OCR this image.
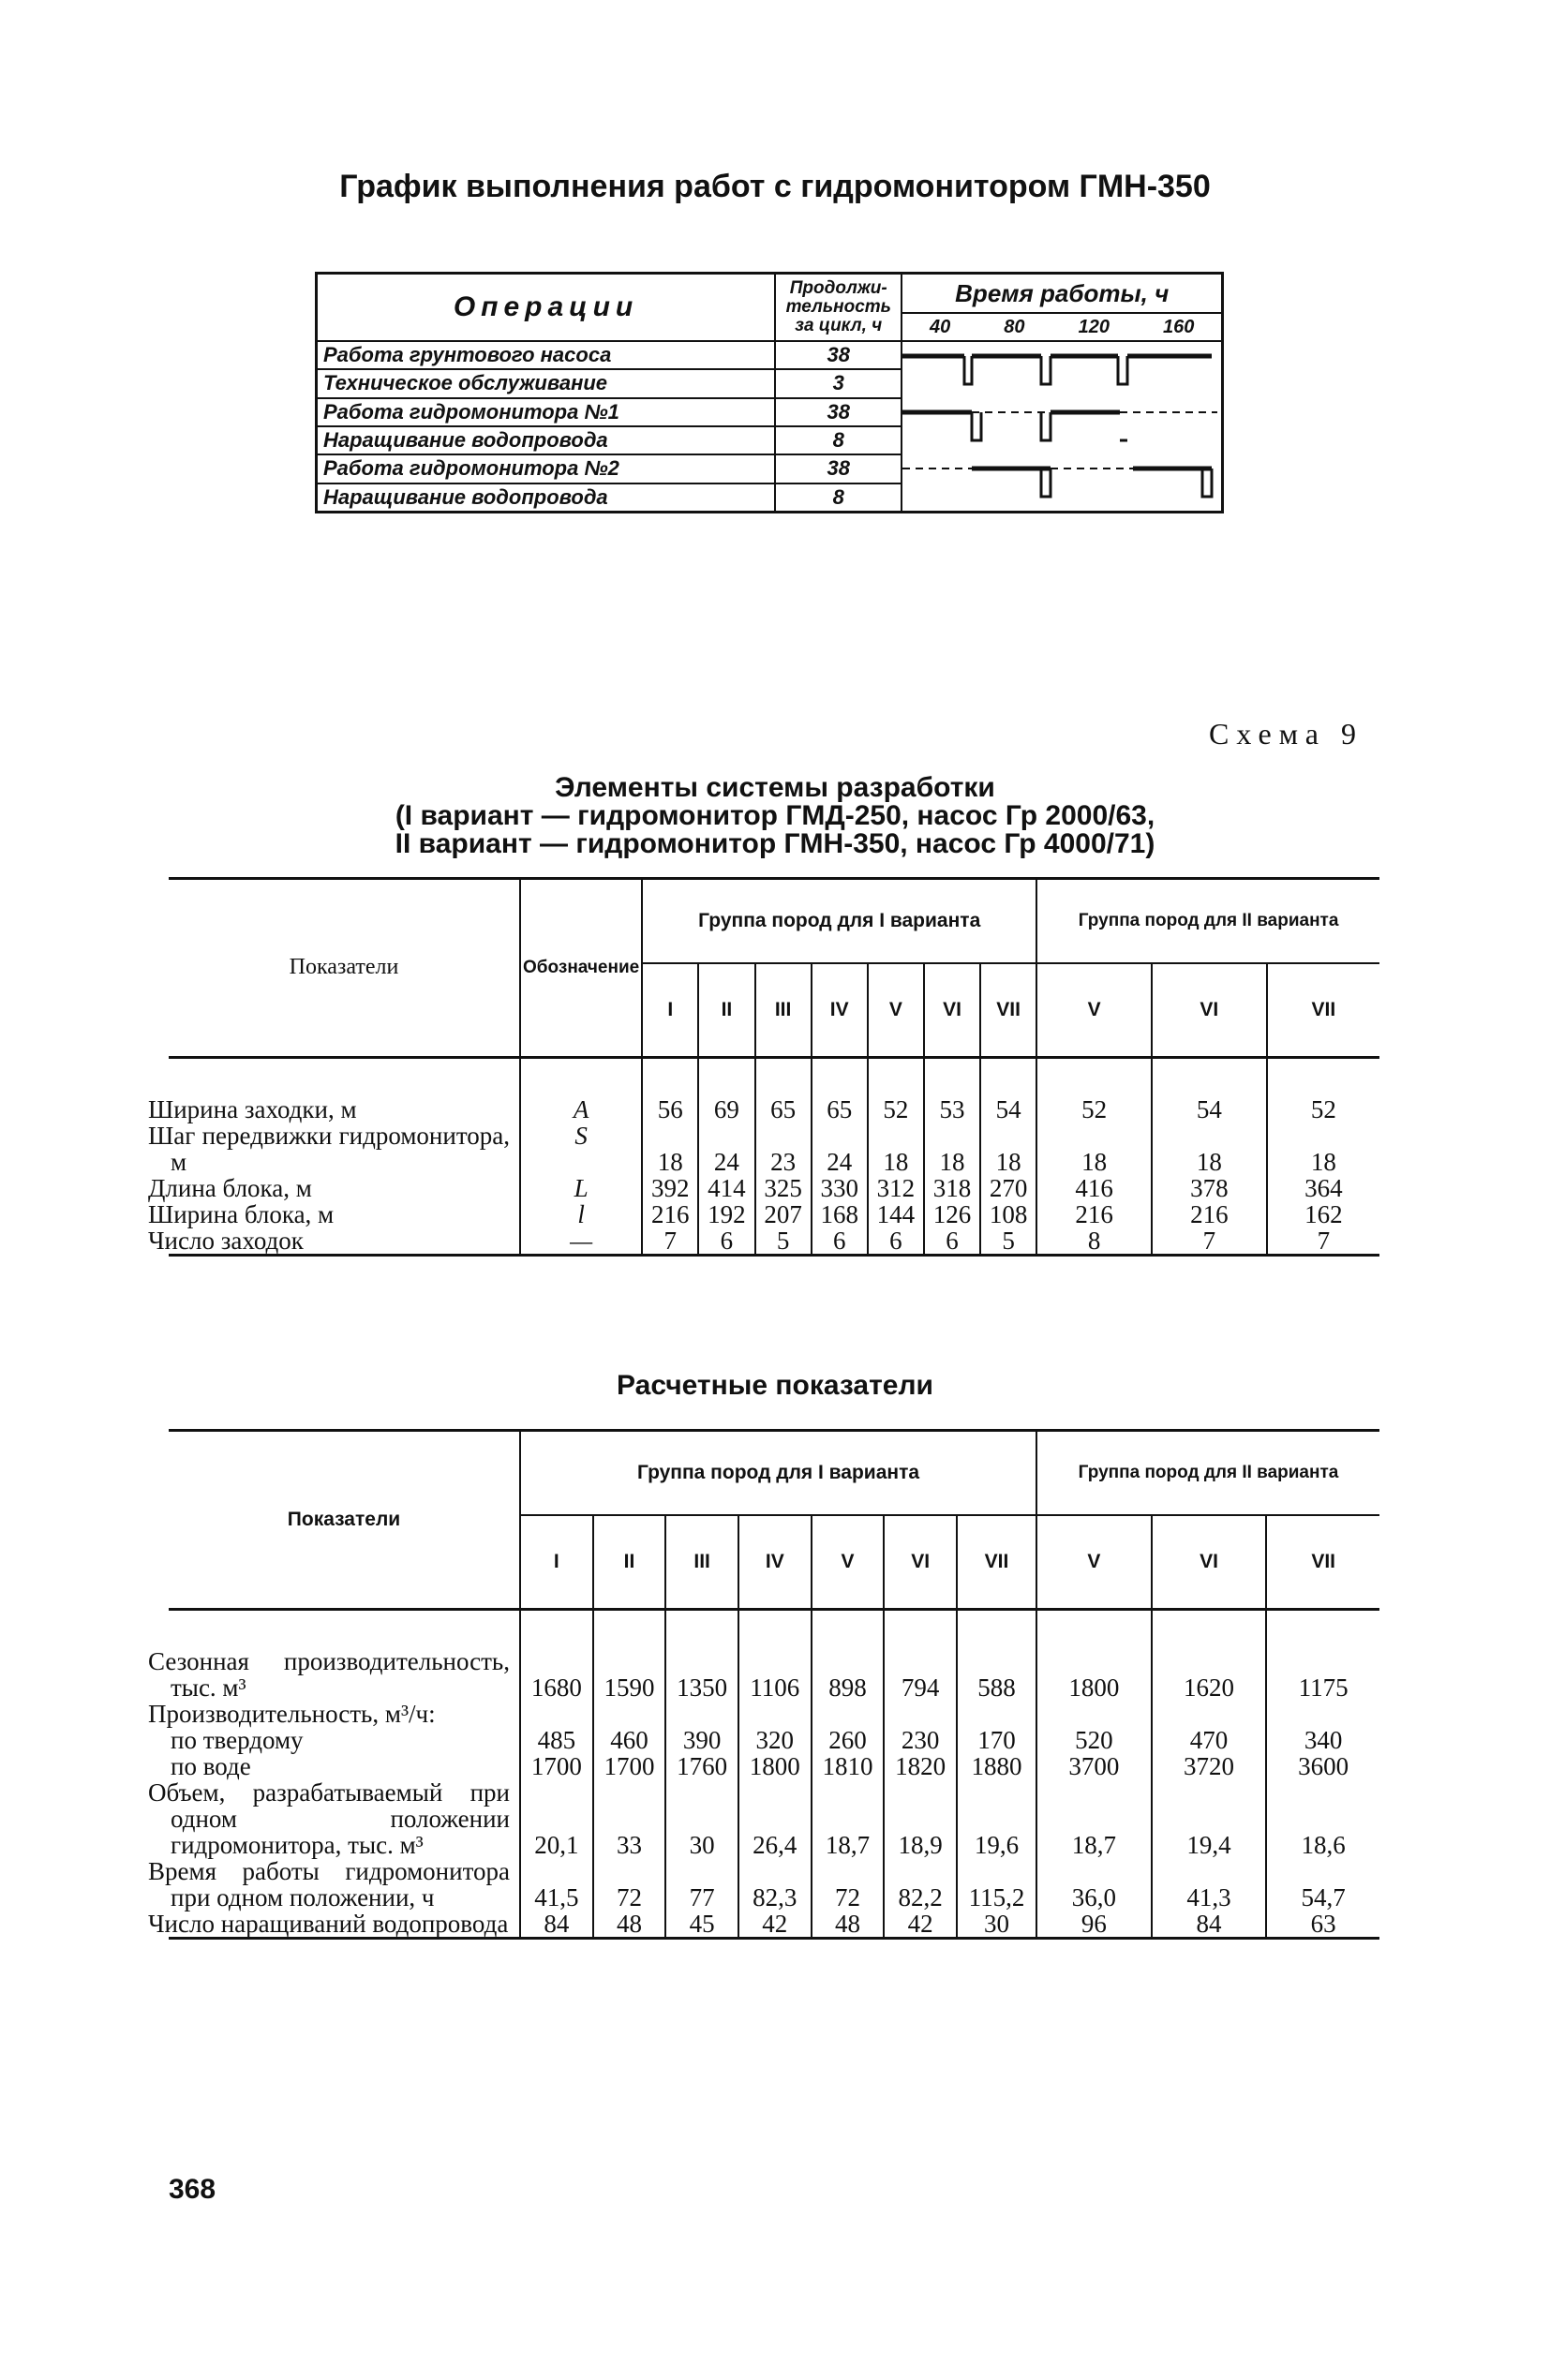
График выполнения работ с гидромонитором ГМН-350
Операции	Продолжи-тельность за цикл, ч	Время работы, ч

		40 80 120 160

Работа грунтового насоса	38	

Техническое обслуживание	3	
Работа гидромонитора №1	38	
Наращивание водопровода	8	
Работа гидромонитора №2	38	
Наращивание водопровода	8	
Схема 9
Элементы системы разработки
(I вариант — гидромонитор ГМД-250, насос Гр 2000/63,
II вариант — гидромонитор ГМН-350, насос Гр 4000/71)
Показатели	Обозначение	Группа пород для I варианта							Группа пород для II варианта		
		I	II	III	IV	V	VI	VII	V	VI	VII
Ширина заходки, м	A	56	69	65	65	52	53	54	52	54	52
Шаг передвижки гидромонитора, м	S	18	24	23	24	18	18	18	18	18	18
Длина блока, м	L	392	414	325	330	312	318	270	416	378	364
Ширина блока, м	l	216	192	207	168	144	126	108	216	216	162
Число заходок	—	7	6	5	6	6	6	5	8	7	7

Расчетные показатели
Показатели	Группа пород для I варианта							Группа пород для II варианта		
	I	II	III	IV	V	VI	VII	V	VI	VII
Сезонная производительность, тыс. м³	1680	1590	1350	1106	898	794	588	1800	1620	1175
Производительность, м³/ч:										
по твердому	485	460	390	320	260	230	170	520	470	340
по воде	1700	1700	1760	1800	1810	1820	1880	3700	3720	3600
Объем, разрабатываемый при одном положении гидромонитора, тыс. м³	20,1	33	30	26,4	18,7	18,9	19,6	18,7	19,4	18,6
Время работы гидромонитора при одном положении, ч	41,5	72	77	82,3	72	82,2	115,2	36,0	41,3	54,7
Число наращиваний водопровода	84	48	45	42	48	42	30	96	84	63

368
